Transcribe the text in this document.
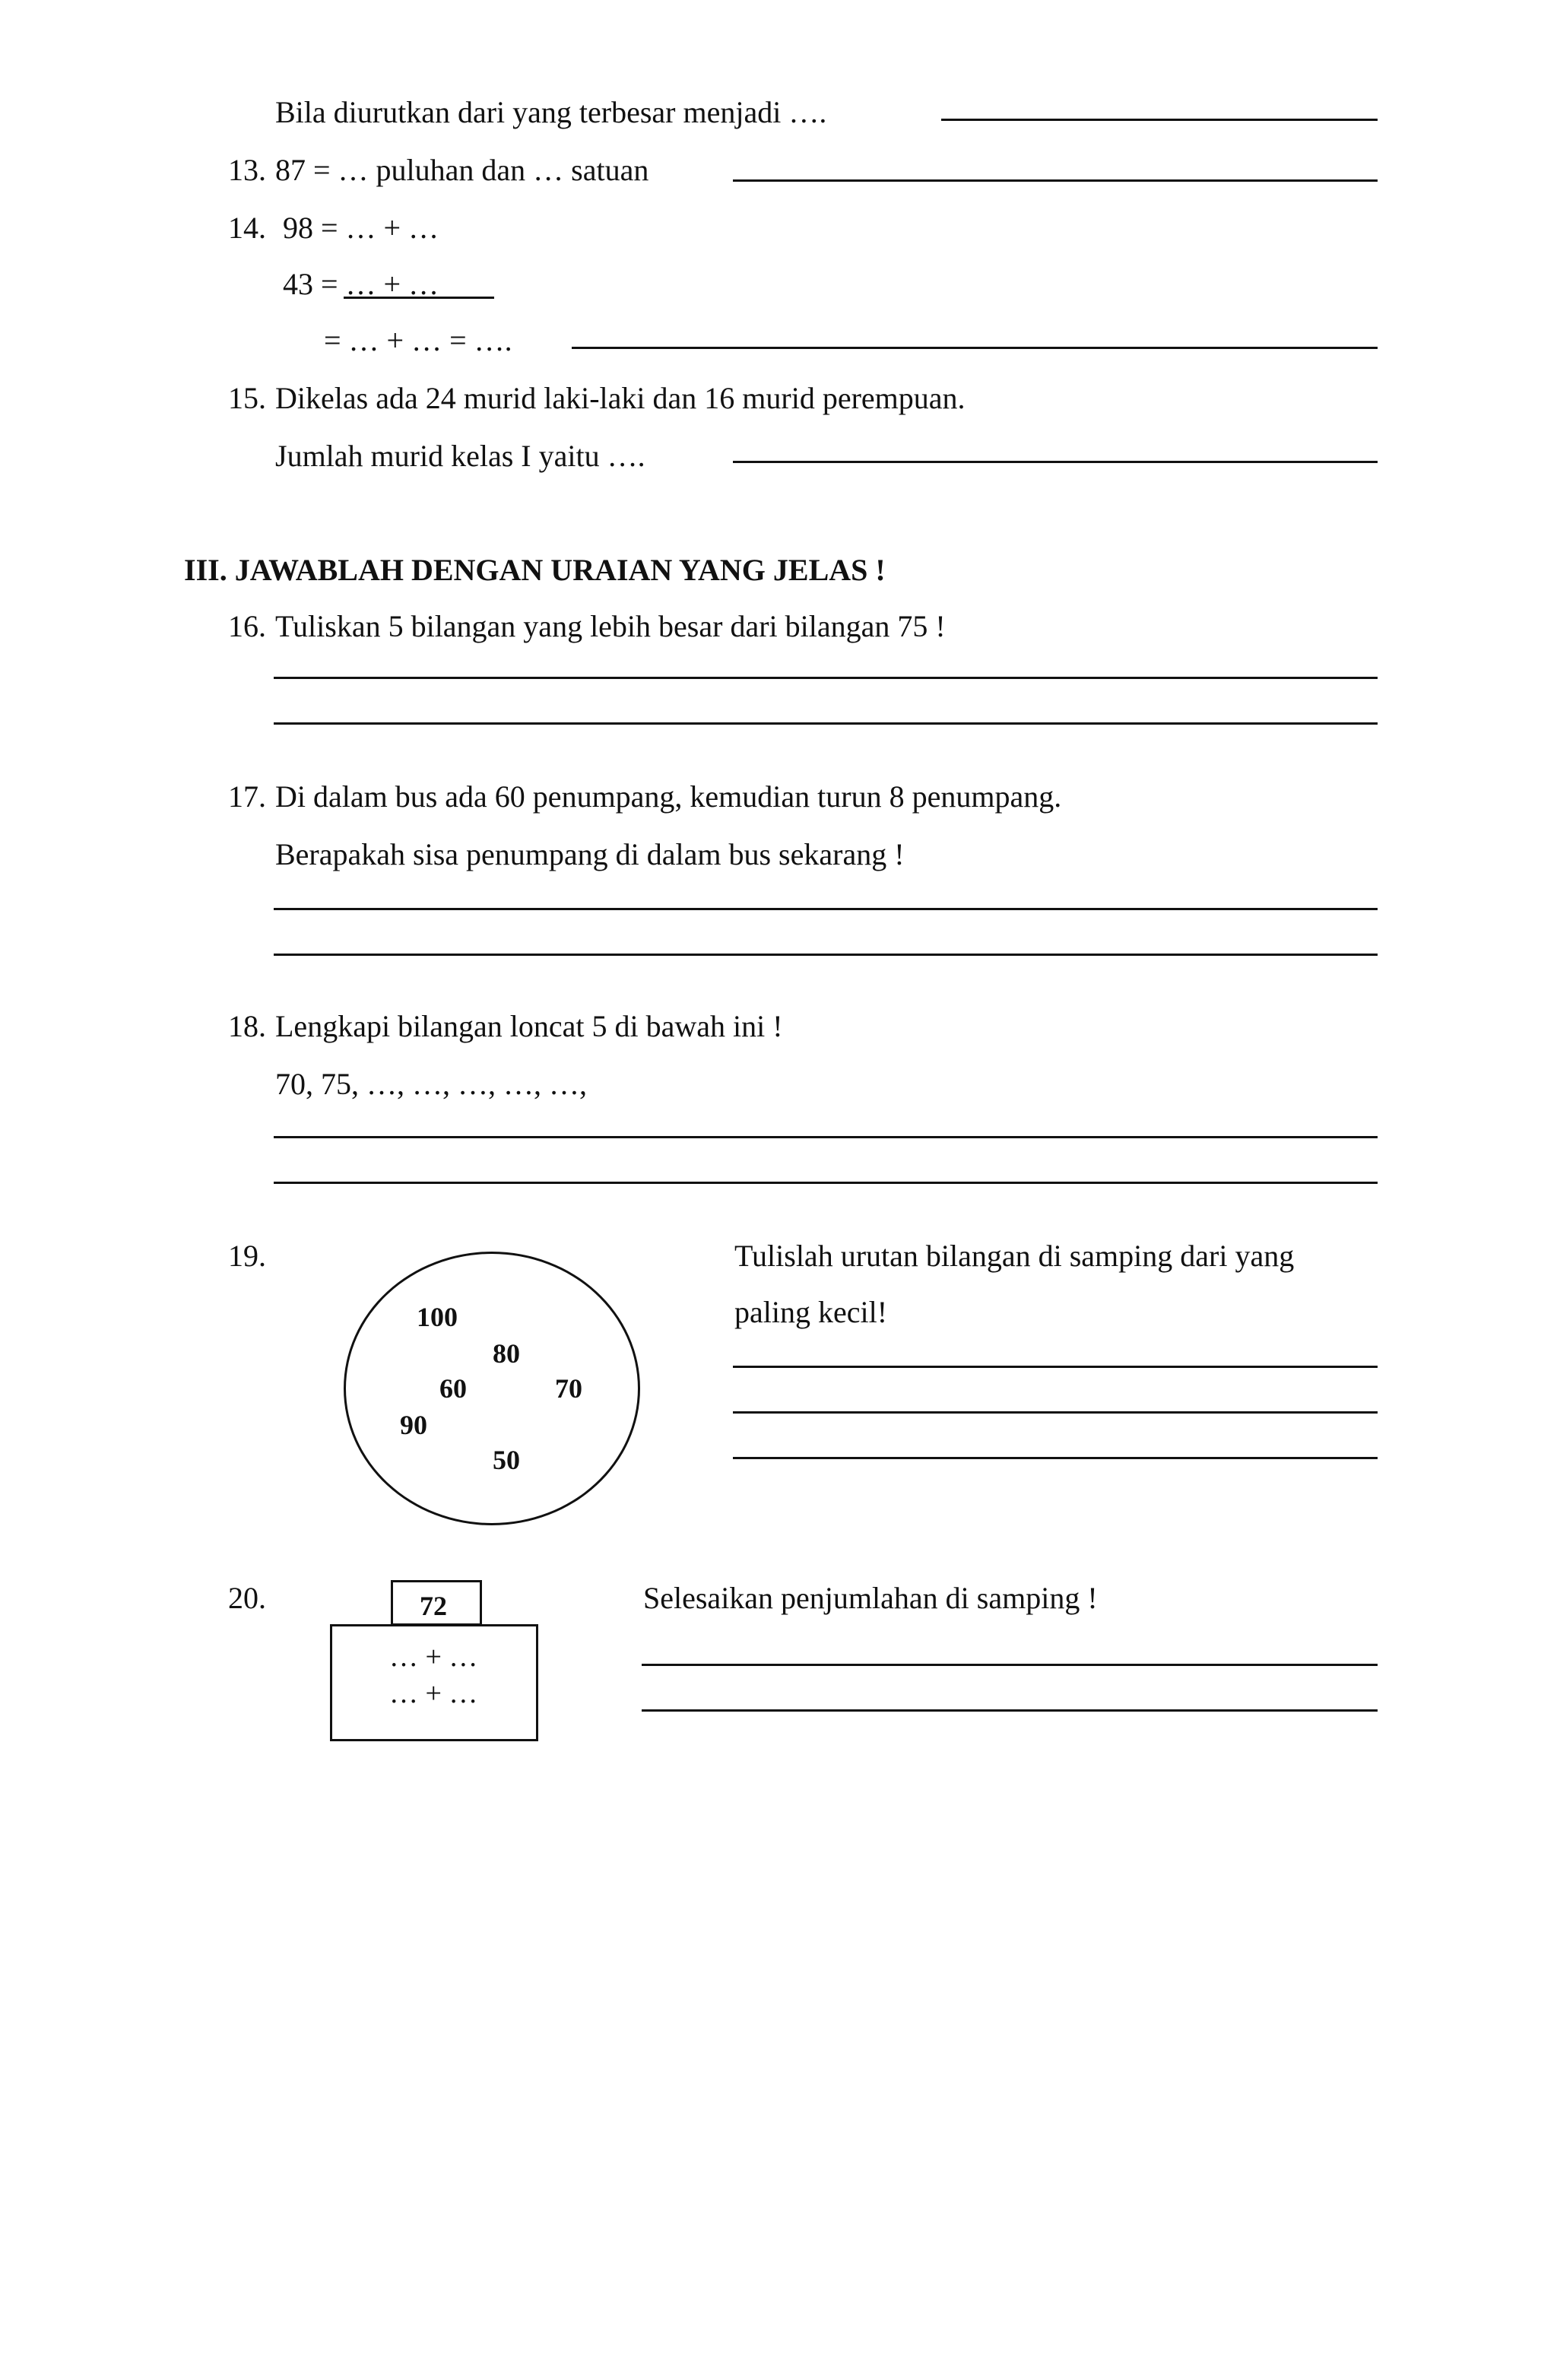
Bila diurutkan dari yang terbesar menjadi ….
13. 87 = … puluhan dan … satuan
14. 98 = … + …
43 = … + …
= … + … = ….
15. Dikelas ada 24 murid laki-laki dan 16 murid perempuan.
Jumlah murid kelas I yaitu ….
III. JAWABLAH DENGAN URAIAN YANG JELAS !
16. Tuliskan 5 bilangan yang lebih besar dari bilangan 75 !
17. Di dalam bus ada 60 penumpang, kemudian turun 8 penumpang.
Berapakah sisa penumpang di dalam bus sekarang !
18. Lengkapi bilangan loncat 5 di bawah ini !
70, 75, …, …, …, …, …,
19.
100
80
60	70
90
50
Tulislah urutan bilangan di samping dari yang
paling kecil!
20.	72
… + …
… + …
Selesaikan penjumlahan di samping !
